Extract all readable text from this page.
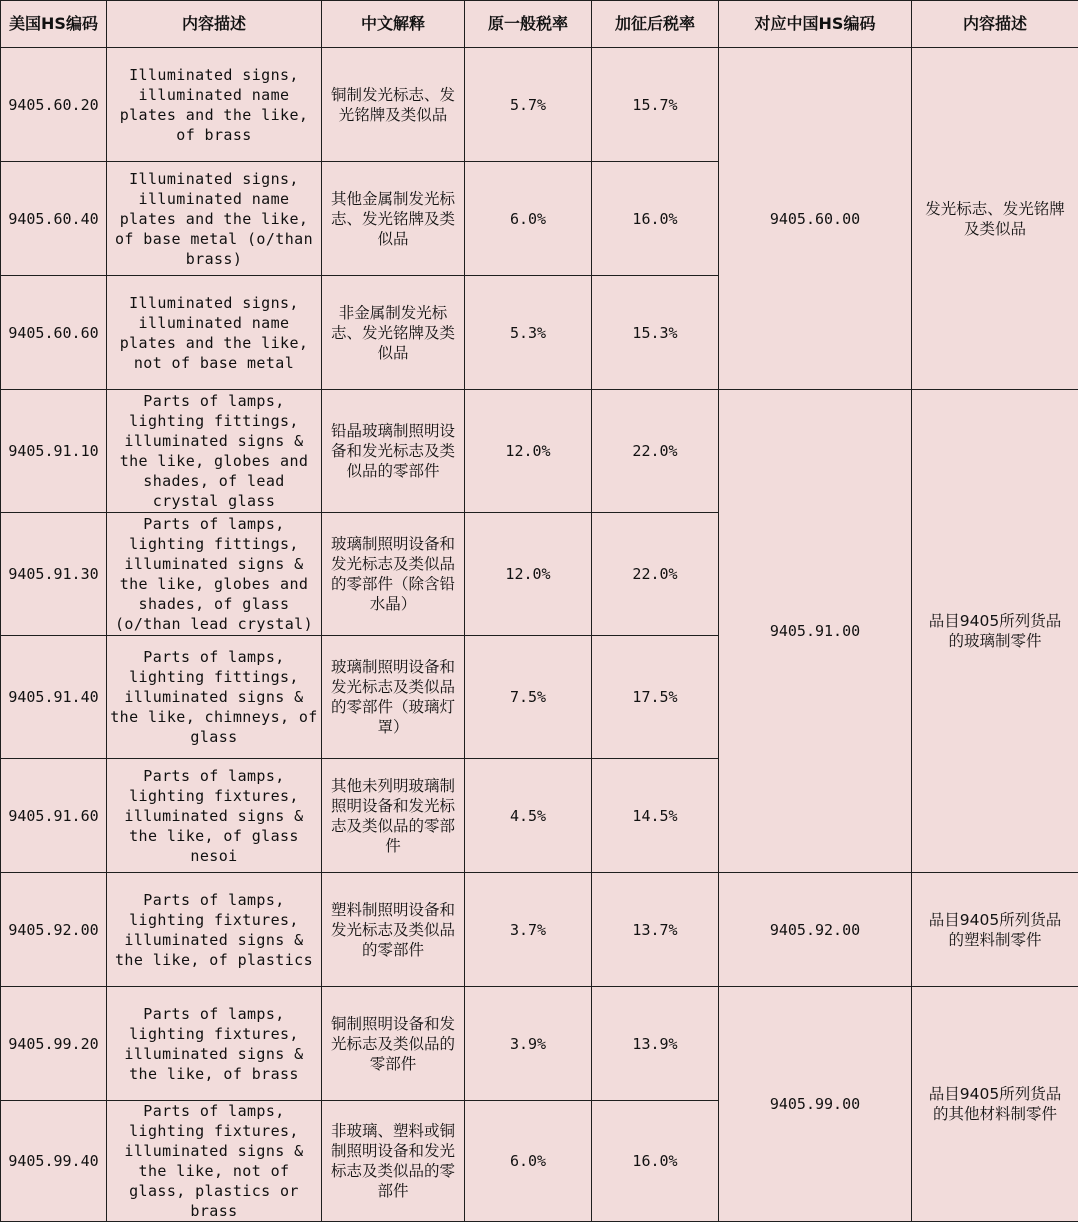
美国HS编码	内容描述	中文解释	原一般税率	加征后税率	对应中国HS编码	内容描述
9405.60.20	Illuminated signs, illuminated name plates and the like, of brass	铜制发光标志、发光铭牌及类似品	5.7%	15.7%	9405.60.00	发光标志、发光铭牌及类似品
9405.60.40	Illuminated signs, illuminated name plates and the like, of base metal (o/than brass)	其他金属制发光标志、发光铭牌及类似品	6.0%	16.0%		
9405.60.60	Illuminated signs, illuminated name plates and the like, not of base metal	非金属制发光标志、发光铭牌及类似品	5.3%	15.3%		
9405.91.10	Parts of lamps, lighting fittings, illuminated signs & the like, globes and shades, of lead crystal glass	铅晶玻璃制照明设备和发光标志及类似品的零部件	12.0%	22.0%	9405.91.00	品目9405所列货品的玻璃制零件
9405.91.30	Parts of lamps, lighting fittings, illuminated signs & the like, globes and shades, of glass (o/than lead crystal)	玻璃制照明设备和发光标志及类似品的零部件（除含铅水晶）	12.0%	22.0%		
9405.91.40	Parts of lamps, lighting fittings, illuminated signs & the like, chimneys, of glass	玻璃制照明设备和发光标志及类似品的零部件（玻璃灯罩）	7.5%	17.5%		
9405.91.60	Parts of lamps, lighting fixtures, illuminated signs & the like, of glass nesoi	其他未列明玻璃制照明设备和发光标志及类似品的零部件	4.5%	14.5%		
9405.92.00	Parts of lamps, lighting fixtures, illuminated signs & the like, of plastics	塑料制照明设备和发光标志及类似品的零部件	3.7%	13.7%	9405.92.00	品目9405所列货品的塑料制零件
9405.99.20	Parts of lamps, lighting fixtures, illuminated signs & the like, of brass	铜制照明设备和发光标志及类似品的零部件	3.9%	13.9%	9405.99.00	品目9405所列货品的其他材料制零件
9405.99.40	Parts of lamps, lighting fixtures, illuminated signs & the like, not of glass, plastics or brass	非玻璃、塑料或铜制照明设备和发光标志及类似品的零部件	6.0%	16.0%		
